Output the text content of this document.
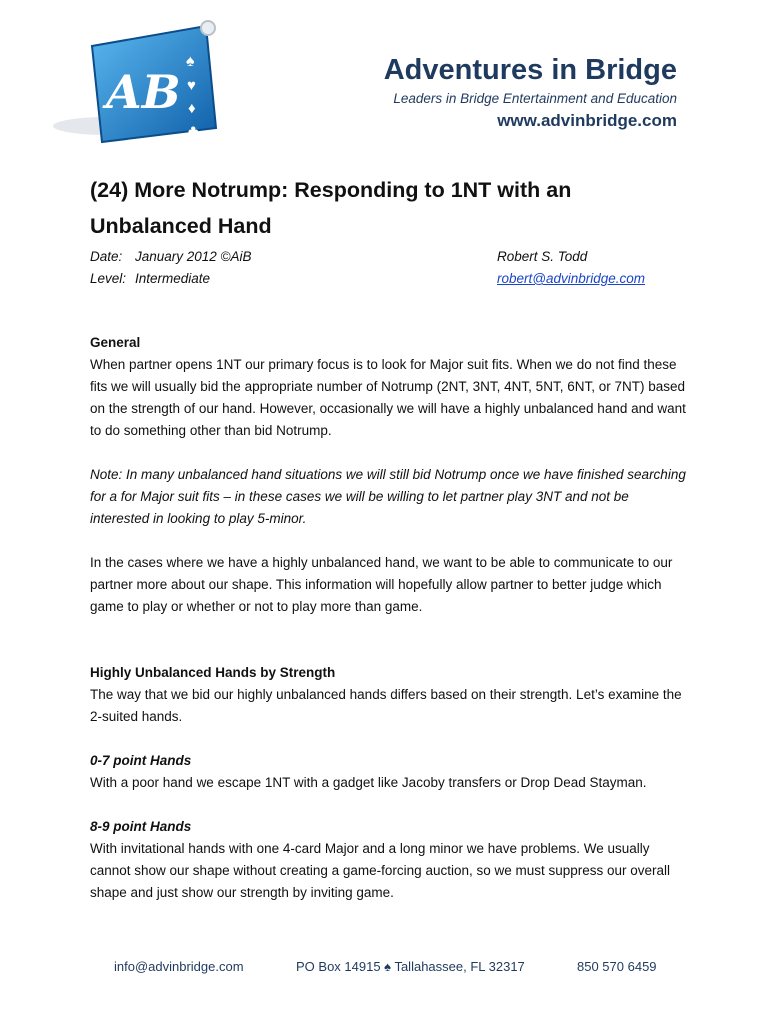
AB
♠
♥
♦
♣
Adventures in Bridge
Leaders in Bridge Entertainment and Education
www.advinbridge.com
(24) More Notrump: Responding to 1NT with an Unbalanced Hand
Date: January 2012 ©AiB
Level: Intermediate
Robert S. Todd
robert@advinbridge.com

General

When partner opens 1NT our primary focus is to look for Major suit fits. When we do not find these fits we will usually bid the appropriate number of Notrump (2NT, 3NT, 4NT, 5NT, 6NT, or 7NT) based on the strength of our hand. However, occasionally we will have a highly unbalanced hand and want to do something other than bid Notrump.

Note: In many unbalanced hand situations we will still bid Notrump once we have finished searching for a for Major suit fits – in these cases we will be willing to let partner play 3NT and not be interested in looking to play 5-minor.

In the cases where we have a highly unbalanced hand, we want to be able to communicate to our partner more about our shape. This information will hopefully allow partner to better judge which game to play or whether or not to play more than game.

Highly Unbalanced Hands by Strength

The way that we bid our highly unbalanced hands differs based on their strength. Let’s examine the 2-suited hands.

0-7 point Hands

With a poor hand we escape 1NT with a gadget like Jacoby transfers or Drop Dead Stayman.

8-9 point Hands

With invitational hands with one 4-card Major and a long minor we have problems. We usually cannot show our shape without creating a game-forcing auction, so we must suppress our overall shape and just show our strength by inviting game.

info@advinbridge.com	PO Box 14915 ♠ Tallahassee, FL 32317	850 570 6459
